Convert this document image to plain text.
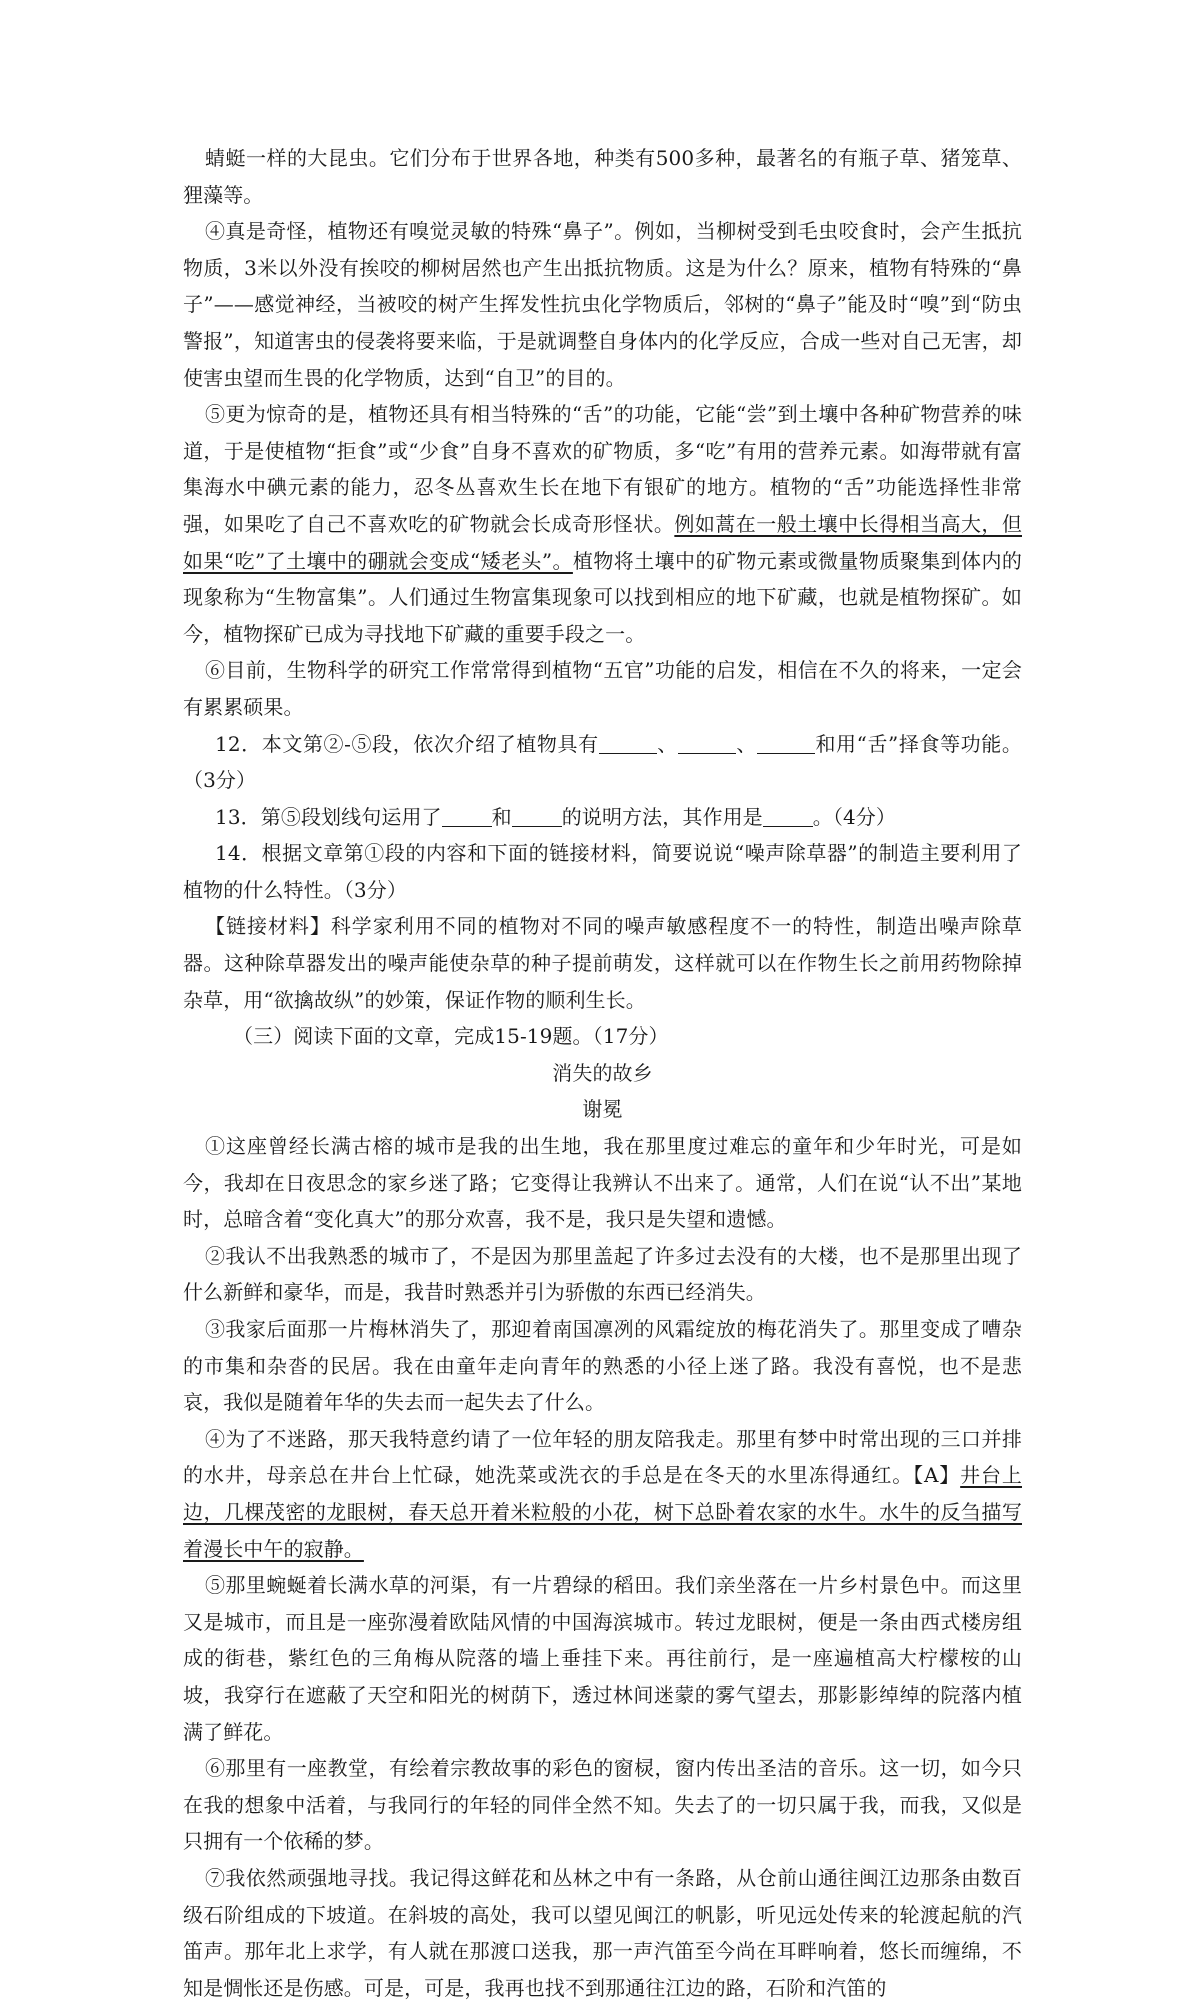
蜻蜓一样的大昆虫。它们分布于世界各地，种类有500多种，最著名的有瓶子草、猪笼草、狸藻等。

④真是奇怪，植物还有嗅觉灵敏的特殊“鼻子”。例如，当柳树受到毛虫咬食时，会产生抵抗物质，3米以外没有挨咬的柳树居然也产生出抵抗物质。这是为什么？原来，植物有特殊的“鼻子”——感觉神经，当被咬的树产生挥发性抗虫化学物质后，邻树的“鼻子”能及时“嗅”到“防虫警报”，知道害虫的侵袭将要来临，于是就调整自身体内的化学反应，合成一些对自己无害，却使害虫望而生畏的化学物质，达到“自卫”的目的。

⑤更为惊奇的是，植物还具有相当特殊的“舌”的功能，它能“尝”到土壤中各种矿物营养的味道，于是使植物“拒食”或“少食”自身不喜欢的矿物质，多“吃”有用的营养元素。如海带就有富集海水中碘元素的能力，忍冬丛喜欢生长在地下有银矿的地方。植物的“舌”功能选择性非常强，如果吃了自己不喜欢吃的矿物就会长成奇形怪状。例如蒿在一般土壤中长得相当高大，但如果“吃”了土壤中的硼就会变成“矮老头”。植物将土壤中的矿物元素或微量物质聚集到体内的现象称为“生物富集”。人们通过生物富集现象可以找到相应的地下矿藏，也就是植物探矿。如今，植物探矿已成为寻找地下矿藏的重要手段之一。

⑥目前，生物科学的研究工作常常得到植物“五官”功能的启发，相信在不久的将来，一定会有累累硕果。

12．本文第②-⑤段，依次介绍了植物具有	、	、	和用“舌”择食等功能。（3分）

13．第⑤段划线句运用了	和	的说明方法，其作用是	。（4分）

14．根据文章第①段的内容和下面的链接材料，简要说说“噪声除草器”的制造主要利用了植物的什么特性。（3分）

【链接材料】科学家利用不同的植物对不同的噪声敏感程度不一的特性，制造出噪声除草器。这种除草器发出的噪声能使杂草的种子提前萌发，这样就可以在作物生长之前用药物除掉杂草，用“欲擒故纵”的妙策，保证作物的顺利生长。

（三）阅读下面的文章，完成15-19题。（17分）

消失的故乡

谢冕

①这座曾经长满古榕的城市是我的出生地，我在那里度过难忘的童年和少年时光，可是如今，我却在日夜思念的家乡迷了路；它变得让我辨认不出来了。通常，人们在说“认不出”某地时，总暗含着“变化真大”的那分欢喜，我不是，我只是失望和遗憾。

②我认不出我熟悉的城市了，不是因为那里盖起了许多过去没有的大楼，也不是那里出现了什么新鲜和豪华，而是，我昔时熟悉并引为骄傲的东西已经消失。

③我家后面那一片梅林消失了，那迎着南国凛冽的风霜绽放的梅花消失了。那里变成了嘈杂的市集和杂沓的民居。我在由童年走向青年的熟悉的小径上迷了路。我没有喜悦，也不是悲哀，我似是随着年华的失去而一起失去了什么。

④为了不迷路，那天我特意约请了一位年轻的朋友陪我走。那里有梦中时常出现的三口并排的水井，母亲总在井台上忙碌，她洗菜或洗衣的手总是在冬天的水里冻得通红。【A】井台上边，几棵茂密的龙眼树，春天总开着米粒般的小花，树下总卧着农家的水牛。水牛的反刍描写着漫长中午的寂静。

⑤那里蜿蜒着长满水草的河渠，有一片碧绿的稻田。我们亲坐落在一片乡村景色中。而这里又是城市，而且是一座弥漫着欧陆风情的中国海滨城市。转过龙眼树，便是一条由西式楼房组成的街巷，紫红色的三角梅从院落的墙上垂挂下来。再往前行，是一座遍植高大柠檬桉的山坡，我穿行在遮蔽了天空和阳光的树荫下，透过林间迷蒙的雾气望去，那影影绰绰的院落内植满了鲜花。

⑥那里有一座教堂，有绘着宗教故事的彩色的窗棂，窗内传出圣洁的音乐。这一切，如今只在我的想象中活着，与我同行的年轻的同伴全然不知。失去了的一切只属于我，而我，又似是只拥有一个依稀的梦。

⑦我依然顽强地寻找。我记得这鲜花和丛林之中有一条路，从仓前山通往闽江边那条由数百级石阶组成的下坡道。在斜坡的高处，我可以望见闽江的帆影，听见远处传来的轮渡起航的汽笛声。那年北上求学，有人就在那渡口送我，那一声汽笛至今尚在耳畔响着，悠长而缠绵，不知是惆怅还是伤感。可是，可是，我再也找不到那通往江边的路，石阶和汽笛的
